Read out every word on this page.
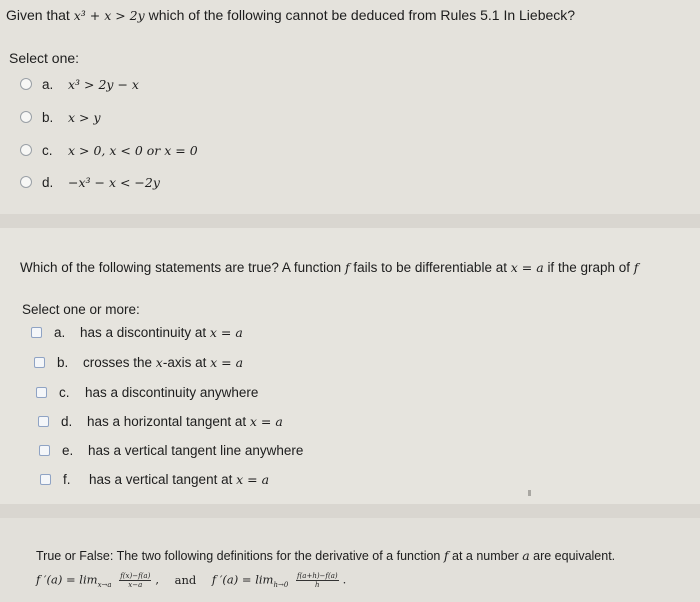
Given that x³ + x > 2y which of the following cannot be deduced from Rules 5.1 In Liebeck?
Select one:
a.	x³ > 2y − x
b.	x > y
c.	x > 0, x < 0 or x = 0
d.	−x³ − x < −2y
Which of the following statements are true? A function f fails to be differentiable at x = a if the graph of f
Select one or more:
a.	has a discontinuity at
x = a
b.	crosses the
x -axis at
x = a
c.	has a discontinuity anywhere
d.	has a horizontal tangent at
x = a
e.	has a vertical tangent line anywhere
f.	has a vertical tangent at
x = a
True or False: The two following definitions for the derivative of a function f at a number a are equivalent.
f $'(a) = \lim_{x\to a} \frac{f(x)-f(a)}{x-a}$ , and f $'(a) = \lim_{h\to 0} \frac{f(a+h)-f(a)}{h}$ .
